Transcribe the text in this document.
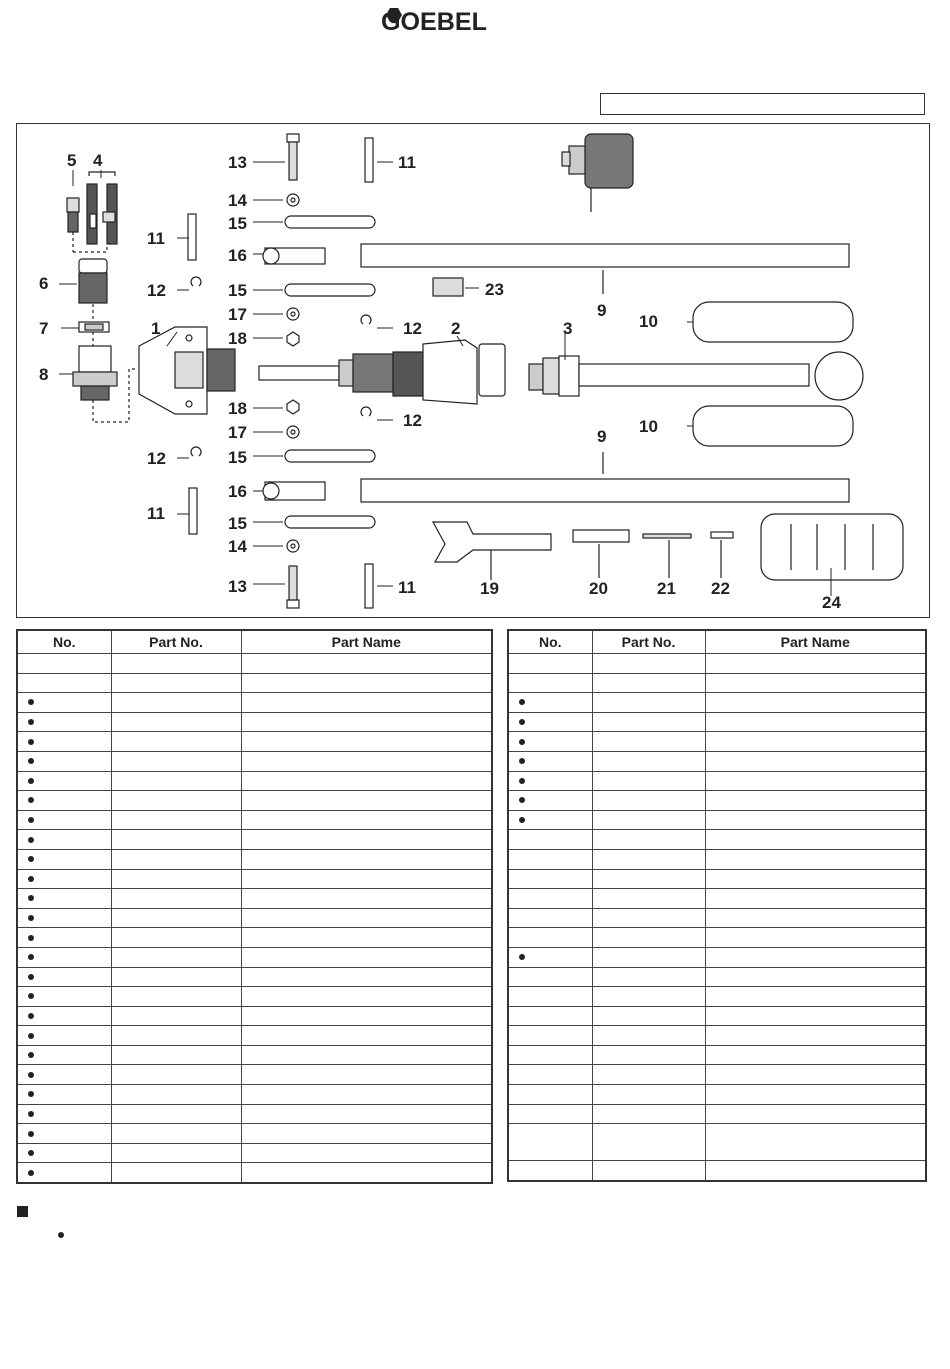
GOEBEL
1	2	3
4
5
6
7
8
9
9
10
10
11
11
11
11
12
12
12
12
13
13
14
14
15
15
15
15
16
16
17
17
18
18
19	20	21 22
23
24
No.	Part No.	Part Name

			No.	Part No.	Part Name
